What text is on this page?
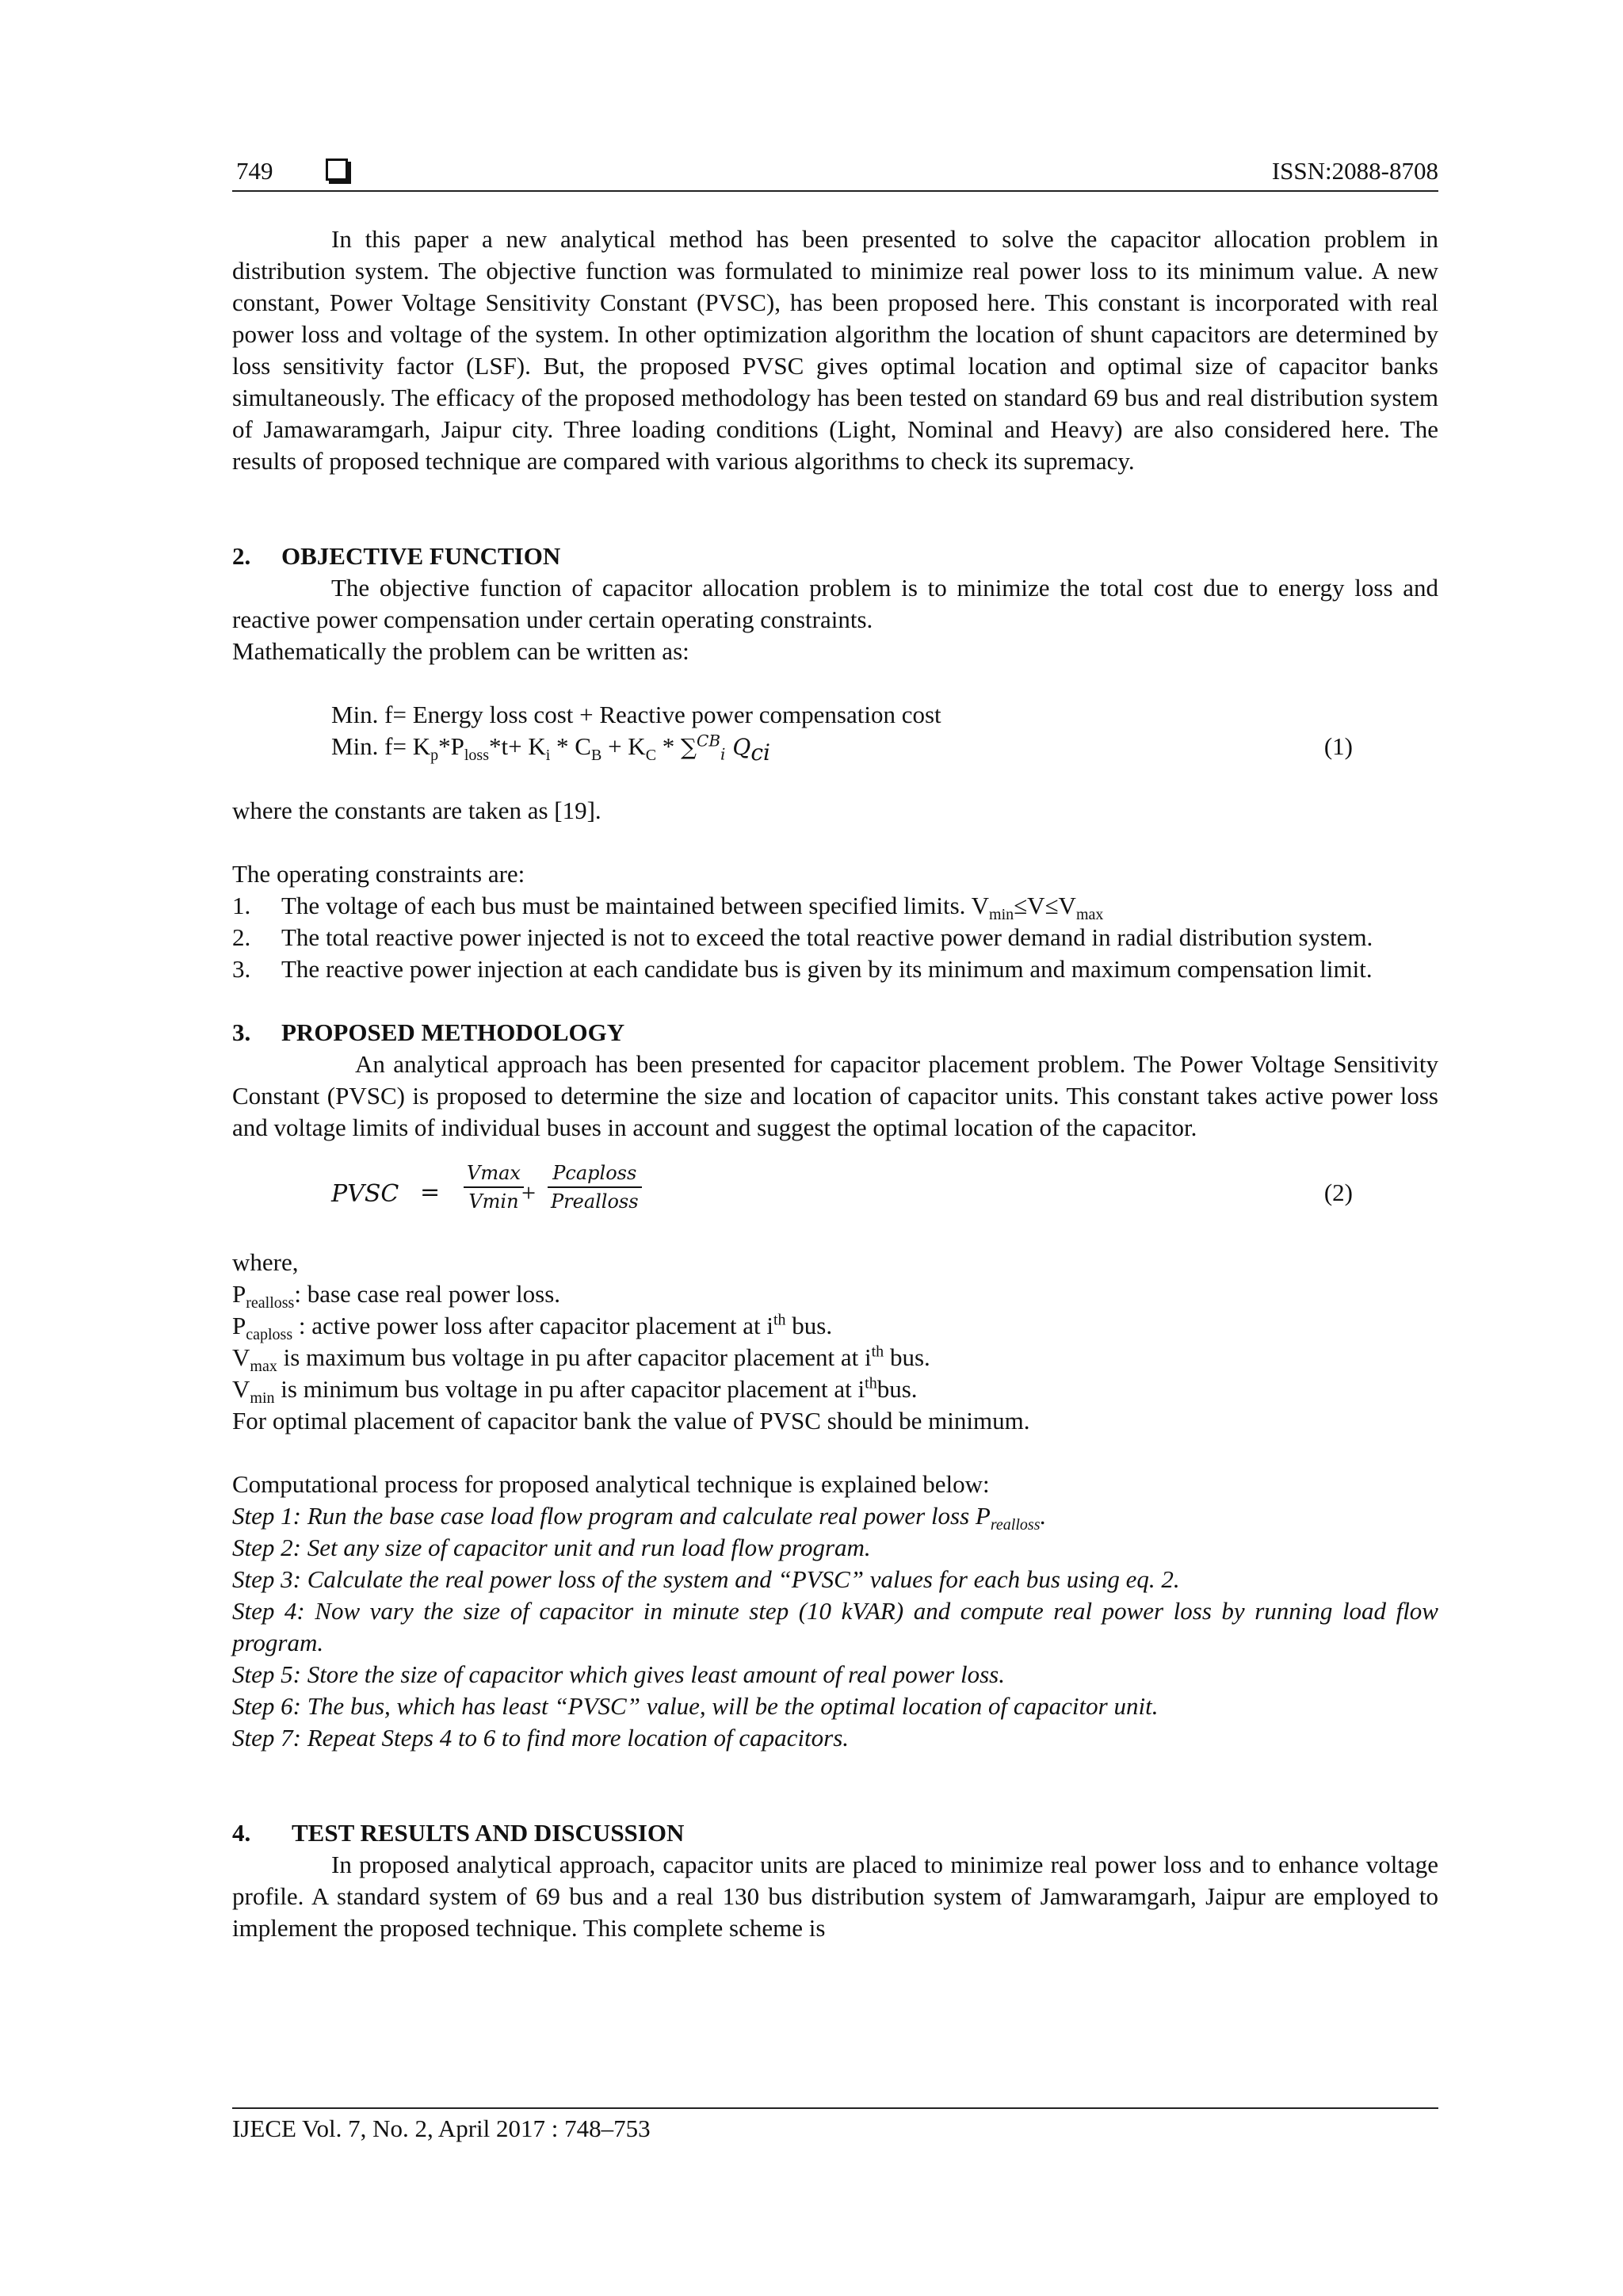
749	ISSN:2088-8708

In this paper a new analytical method has been presented to solve the capacitor allocation problem in distribution system. The objective function was formulated to minimize real power loss to its minimum value. A new constant, Power Voltage Sensitivity Constant (PVSC), has been proposed here. This constant is incorporated with real power loss and voltage of the system. In other optimization algorithm the location of shunt capacitors are determined by loss sensitivity factor (LSF). But, the proposed PVSC gives optimal location and optimal size of capacitor banks simultaneously. The efficacy of the proposed methodology has been tested on standard 69 bus and real distribution system of Jamawaramgarh, Jaipur city. Three loading conditions (Light, Nominal and Heavy) are also considered here. The results of proposed technique are compared with various algorithms to check its supremacy.

2. OBJECTIVE FUNCTION

The objective function of capacitor allocation problem is to minimize the total cost due to energy loss and reactive power compensation under certain operating constraints.

Mathematically the problem can be written as:

Min. f= Energy loss cost + Reactive power compensation cost
Min. $f= K_p*P_{loss}*t+ K_i * C_B + K_C * \sum^{CB}_i$ $Q_{ci}$	(1)

where the constants are taken as [19].

The operating constraints are:

1. The voltage of each bus must be maintained between specified limits. $V_{min}\le V\le V_{max}$
2. The total reactive power injected is not to exceed the total reactive power demand in radial distribution system.
3. The reactive power injection at each candidate bus is given by its minimum and maximum compensation limit.

3. PROPOSED METHODOLOGY

An analytical approach has been presented for capacitor placement problem. The Power Voltage Sensitivity Constant (PVSC) is proposed to determine the size and location of capacitor units. This constant takes active power loss and voltage limits of individual buses in account and suggest the optimal location of the capacitor.

PVSC =
Vmax
Vmin +
Pcaploss
Prealloss	(2)

where,

$P_{realloss}$: base case real power loss.

$P_{caploss}$ : active power loss after capacitor placement at $i^{th}$ bus.

$V_{max}$ is maximum bus voltage in pu after capacitor placement at $i^{th}$ bus.

$V_{min}$ is minimum bus voltage in pu after capacitor placement at $i^{th}bus$.

For optimal placement of capacitor bank the value of PVSC should be minimum.

Computational process for proposed analytical technique is explained below:

Step 1: Run the base case load flow program and calculate real power loss $P_{realloss}$.

Step 2: Set any size of capacitor unit and run load flow program.

Step 3: Calculate the real power loss of the system and “PVSC” values for each bus using eq. 2.

Step 4: Now vary the size of capacitor in minute step (10 kVAR) and compute real power loss by running load flow program.

Step 5: Store the size of capacitor which gives least amount of real power loss.

Step 6: The bus, which has least “PVSC” value, will be the optimal location of capacitor unit.

Step 7: Repeat Steps 4 to 6 to find more location of capacitors.

4. TEST RESULTS AND DISCUSSION

In proposed analytical approach, capacitor units are placed to minimize real power loss and to enhance voltage profile. A standard system of 69 bus and a real 130 bus distribution system of Jamwaramgarh, Jaipur are employed to implement the proposed technique. This complete scheme is

IJECE Vol. 7, No. 2, April 2017 : 748–753
